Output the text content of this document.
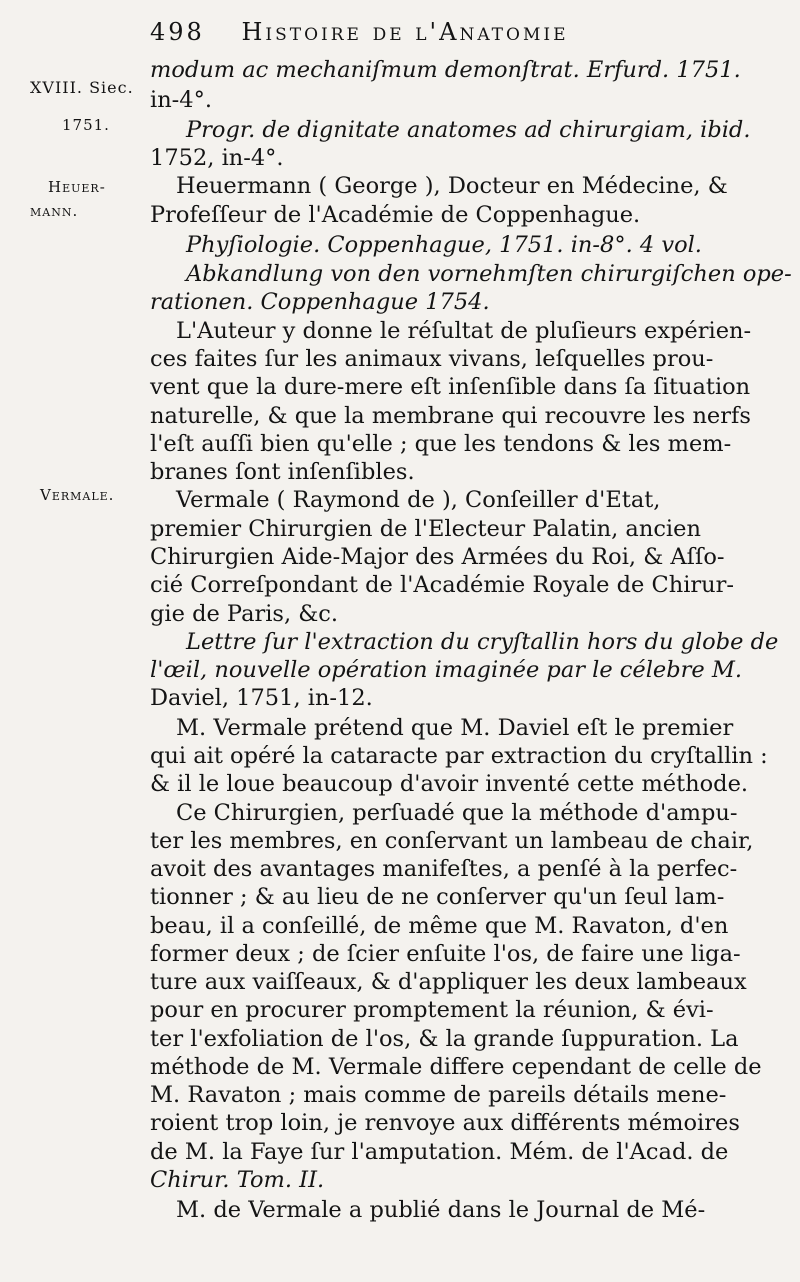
498 Histoire de l'Anatomie
XVIII. Siec.
1751.
Heuer-
mann.
Vermale.
modum ac mechaniſmum demonſtrat. Erfurd. 1751.
in-4°.
Progr. de dignitate anatomes ad chirurgiam, ibid.
1752, in-4°.
Heuermann ( George ), Docteur en Médecine, &
Profeſſeur de l'Académie de Coppenhague.
Phyſiologie. Coppenhague, 1751. in-8°. 4 vol.
Abkandlung von den vornehmſten chirurgiſchen ope-
rationen. Coppenhague 1754.
L'Auteur y donne le réſultat de pluſieurs expérien-
ces faites ſur les animaux vivans, leſquelles prou-
vent que la dure-mere eſt inſenſible dans ſa ſituation
naturelle, & que la membrane qui recouvre les nerfs
l'eſt auſſi bien qu'elle ; que les tendons & les mem-
branes ſont inſenſibles.
Vermale ( Raymond de ), Conſeiller d'Etat,
premier Chirurgien de l'Electeur Palatin, ancien
Chirurgien Aide-Major des Armées du Roi, & Aſſo-
cié Correſpondant de l'Académie Royale de Chirur-
gie de Paris, &c.
Lettre ſur l'extraction du cryſtallin hors du globe de
l'œil, nouvelle opération imaginée par le célebre M.
Daviel, 1751, in-12.
M. Vermale prétend que M. Daviel eſt le premier
qui ait opéré la cataracte par extraction du cryſtallin :
& il le loue beaucoup d'avoir inventé cette méthode.
Ce Chirurgien, perſuadé que la méthode d'ampu-
ter les membres, en conſervant un lambeau de chair,
avoit des avantages manifeſtes, a penſé à la perfec-
tionner ; & au lieu de ne conſerver qu'un ſeul lam-
beau, il a conſeillé, de même que M. Ravaton, d'en
former deux ; de ſcier enſuite l'os, de faire une liga-
ture aux vaiſſeaux, & d'appliquer les deux lambeaux
pour en procurer promptement la réunion, & évi-
ter l'exfoliation de l'os, & la grande ſuppuration. La
méthode de M. Vermale differe cependant de celle de
M. Ravaton ; mais comme de pareils détails mene-
roient trop loin, je renvoye aux différents mémoires
de M. la Faye ſur l'amputation. Mém. de l'Acad. de
Chirur. Tom. II.
M. de Vermale a publié dans le Journal de Mé-
